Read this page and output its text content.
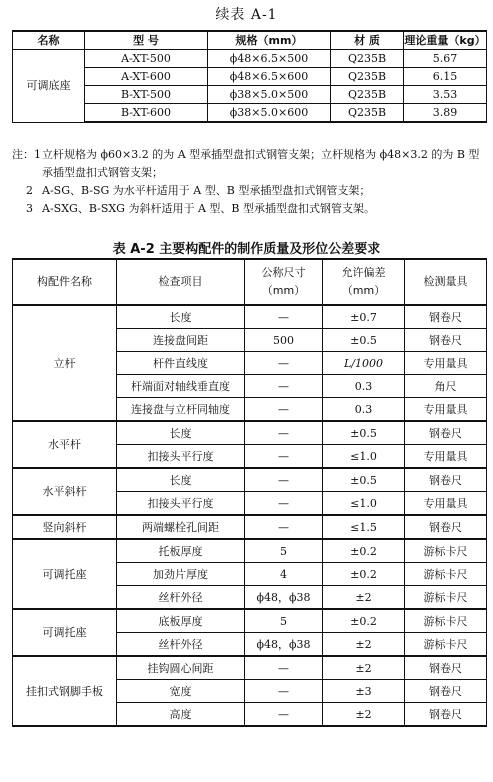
续表 A-1
名称	型 号	规格（mm）	材 质	理论重量（kg）
可调底座	A-XT-500	ϕ48×6.5×500	Q235B	5.67
	A-XT-600	ϕ48×6.5×600	Q235B	6.15
	B-XT-500	ϕ38×5.0×500	Q235B	3.53
	B-XT-600	ϕ38×5.0×600	Q235B	3.89
注：1 立杆规格为 ϕ60×3.2 的为 A 型承插型盘扣式钢管支架；立杆规格为 ϕ48×3.2 的为 B 型承插型盘扣式钢管支架；
2 A-SG、B-SG 为水平杆适用于 A 型、B 型承插型盘扣式钢管支架；
3 A-SXG、B-SXG 为斜杆适用于 A 型、B 型承插型盘扣式钢管支架。
表 A-2 主要构配件的制作质量及形位公差要求
构配件名称	检查项目	公称尺寸（mm）	允许偏差（mm）	检测量具
立杆	长度	—	±0.7	钢卷尺
	连接盘间距	500	±0.5	钢卷尺
	杆件直线度	—	L/1000	专用量具
	杆端面对轴线垂直度	—	0.3	角尺
	连接盘与立杆同轴度	—	0.3	专用量具
水平杆	长度	—	±0.5	钢卷尺
	扣接头平行度	—	≤1.0	专用量具
水平斜杆	长度	—	±0.5	钢卷尺
	扣接头平行度	—	≤1.0	专用量具
竖向斜杆	两端螺栓孔间距	—	≤1.5	钢卷尺
可调托座	托板厚度	5	±0.2	游标卡尺
	加劲片厚度	4	±0.2	游标卡尺
	丝杆外径	ϕ48，ϕ38	±2	游标卡尺
可调托座	底板厚度	5	±0.2	游标卡尺
	丝杆外径	ϕ48，ϕ38	±2	游标卡尺
挂扣式钢脚手板	挂钩圆心间距	—	±2	钢卷尺
	宽度	—	±3	钢卷尺
	高度	—	±2	钢卷尺
